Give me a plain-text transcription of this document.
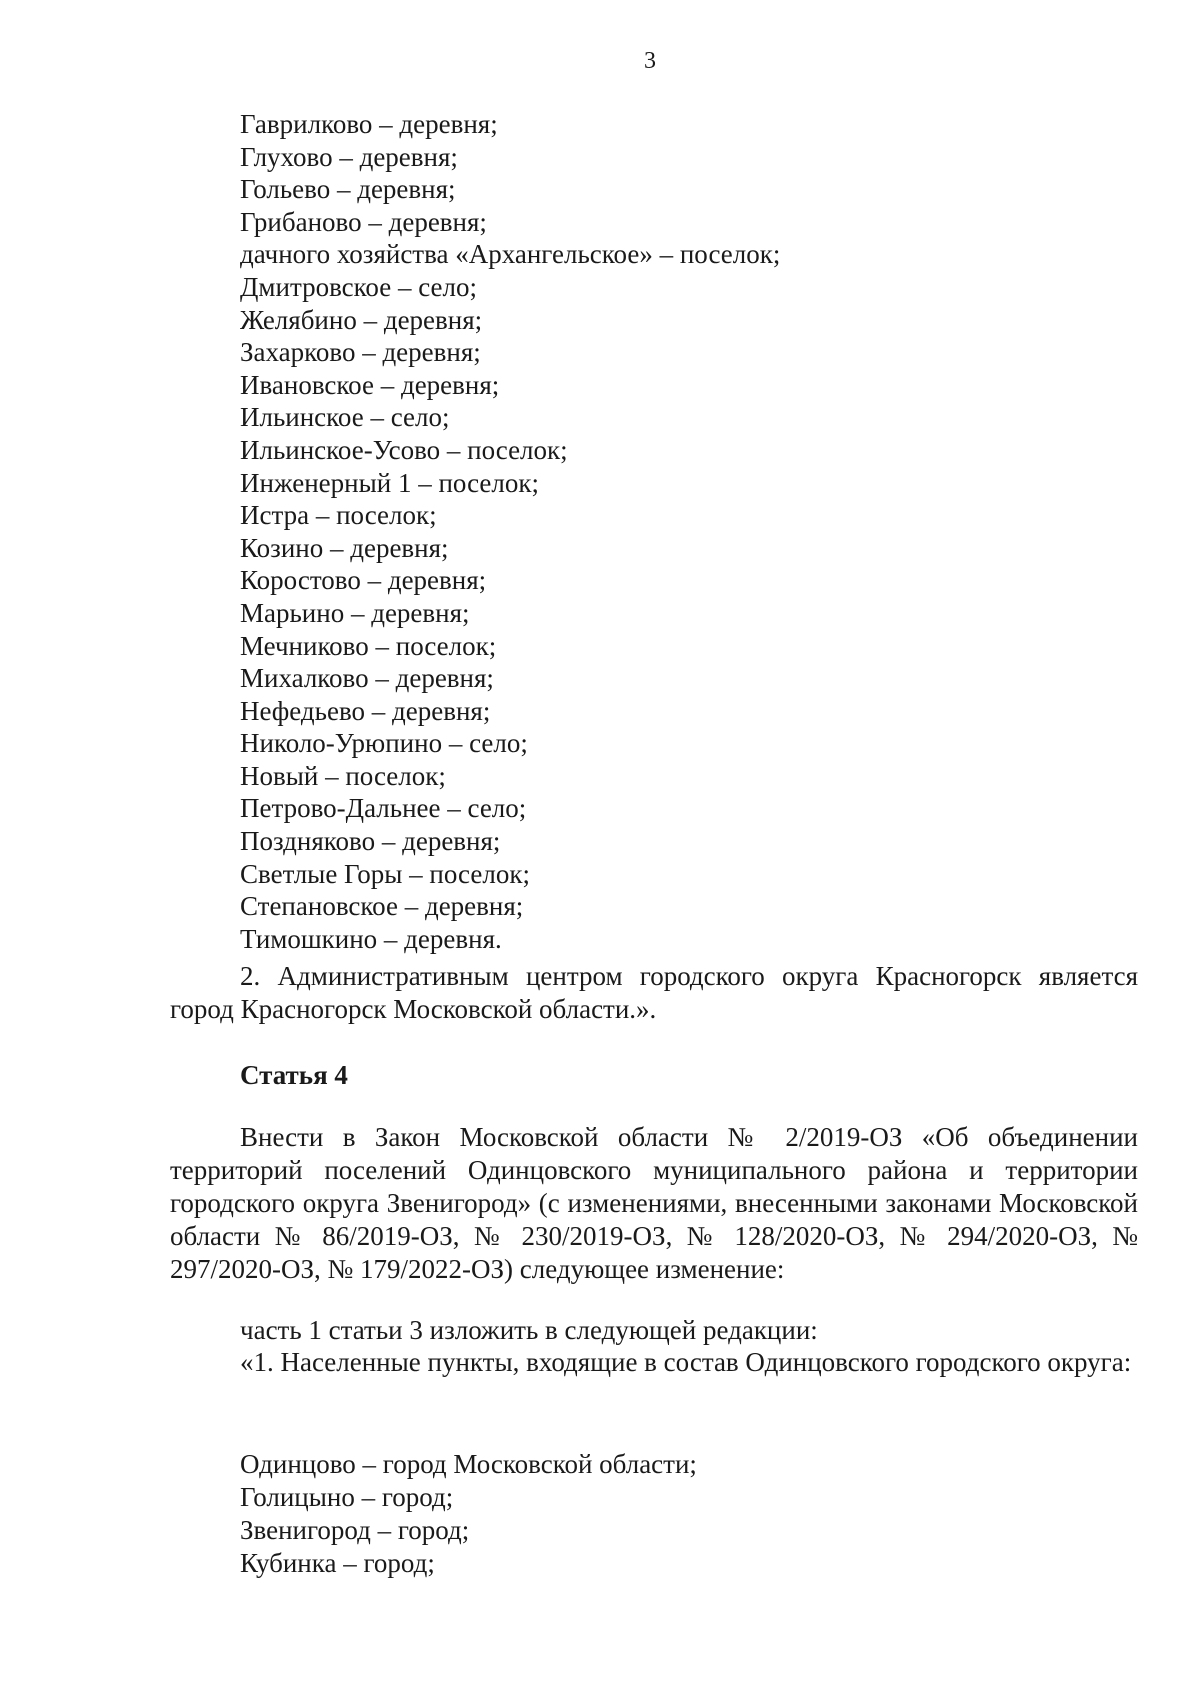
3
Гаврилково – деревня;
Глухово – деревня;
Гольево – деревня;
Грибаново – деревня;
дачного хозяйства «Архангельское» – поселок;
Дмитровское – село;
Желябино – деревня;
Захарково – деревня;
Ивановское – деревня;
Ильинское – село;
Ильинское-Усово – поселок;
Инженерный 1 – поселок;
Истра – поселок;
Козино – деревня;
Коростово – деревня;
Марьино – деревня;
Мечниково – поселок;
Михалково – деревня;
Нефедьево – деревня;
Николо-Урюпино – село;
Новый – поселок;
Петрово-Дальнее – село;
Поздняково – деревня;
Светлые Горы – поселок;
Степановское – деревня;
Тимошкино – деревня.
2. Административным центром городского округа Красногорск является город Красногорск Московской области.».
Статья 4
Внести в Закон Московской области № 2/2019-ОЗ «Об объединении территорий поселений Одинцовского муниципального района и территории городского округа Звенигород» (с изменениями, внесенными законами Московской области № 86/2019-ОЗ, № 230/2019-ОЗ, № 128/2020-ОЗ, № 294/2020-ОЗ, № 297/2020-ОЗ, № 179/2022-ОЗ) следующее изменение:
часть 1 статьи 3 изложить в следующей редакции:
«1. Населенные пункты, входящие в состав Одинцовского городского округа:
Одинцово – город Московской области;
Голицыно – город;
Звенигород – город;
Кубинка – город;
